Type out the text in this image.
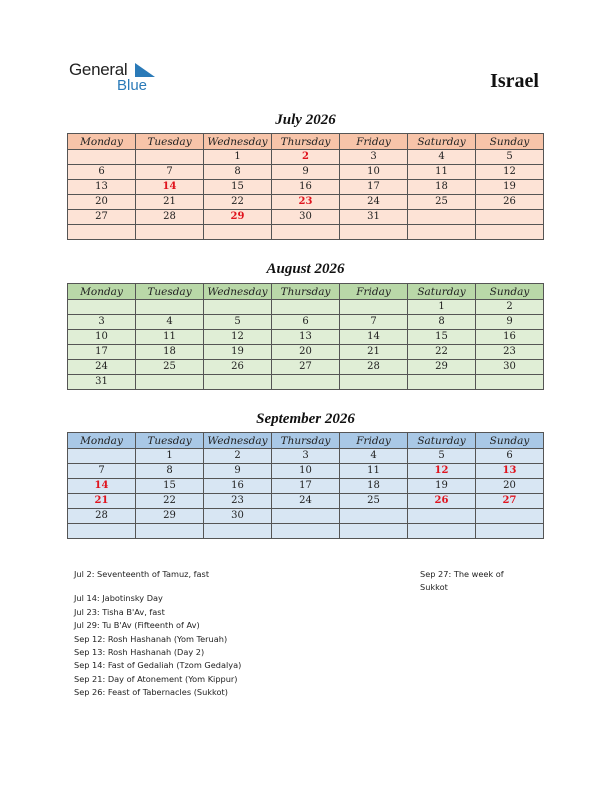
General
Blue	Israel
July 2026
Monday	Tuesday	Wednesday	Thursday	Friday	Saturday	Sunday
		1	2	3	4	5
6	7	8	9	10	11	12
13	14	15	16	17	18	19
20	21	22	23	24	25	26
27	28	29	30	31		

August 2026
Monday	Tuesday	Wednesday	Thursday	Friday	Saturday	Sunday
					1	2
3	4	5	6	7	8	9
10	11	12	13	14	15	16
17	18	19	20	21	22	23
24	25	26	27	28	29	30
31						
September 2026
Monday	Tuesday	Wednesday	Thursday	Friday	Saturday	Sunday
	1	2	3	4	5	6
7	8	9	10	11	12	13
14	15	16	17	18	19	20
21	22	23	24	25	26	27
28	29	30				

Jul 2: Seventeenth of Tamuz, fast
Jul 14: Jabotinsky Day
Jul 23: Tisha B'Av, fast
Jul 29: Tu B'Av (Fifteenth of Av)
Sep 12: Rosh Hashanah (Yom Teruah)
Sep 13: Rosh Hashanah (Day 2)
Sep 14: Fast of Gedaliah (Tzom Gedalya)
Sep 21: Day of Atonement (Yom Kippur)
Sep 26: Feast of Tabernacles (Sukkot)
Sep 27: The week of
Sukkot
